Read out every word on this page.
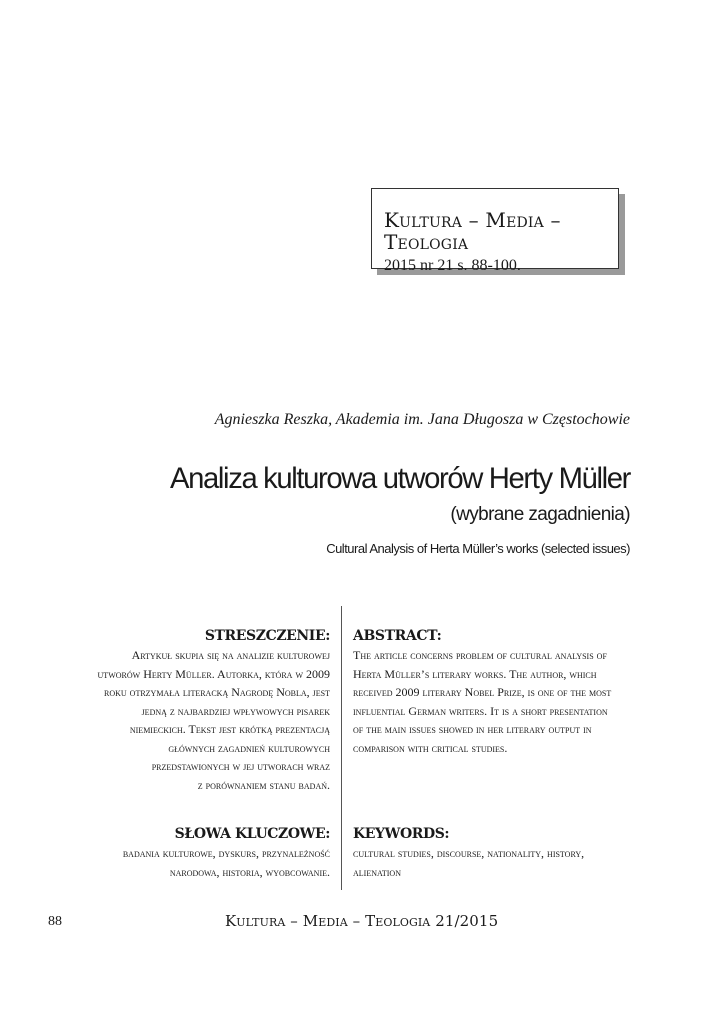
Kultura – Media – Teologia
2015 nr 21 s. 88-100.
Agnieszka Reszka, Akademia im. Jana Długosza w Częstochowie
Analiza kulturowa utworów Herty Müller
(wybrane zagadnienia)
Cultural Analysis of Herta Müller’s works (selected issues)
STRESZCZENIE:
Artykuł skupia się na analizie kulturowej
utworów Herty Müller. Autorka, która w 2009
roku otrzymała literacką Nagrodę Nobla, jest
jedną z najbardziej wpływowych pisarek
niemieckich. Tekst jest krótką prezentacją
głównych zagadnień kulturowych
przedstawionych w jej utworach wraz
z porównaniem stanu badań.
ABSTRACT:
The article concerns problem of cultural analysis of
Herta Müller’s literary works. The author, which
received 2009 literary Nobel Prize, is one of the most
influential German writers. It is a short presentation
of the main issues showed in her literary output in
comparison with critical studies.
SŁOWA KLUCZOWE:
badania kulturowe, dyskurs, przynależność
narodowa, historia, wyobcowanie.
KEYWORDS:
cultural studies, discourse, nationality, history,
alienation
88	Kultura – Media – Teologia 21/2015
